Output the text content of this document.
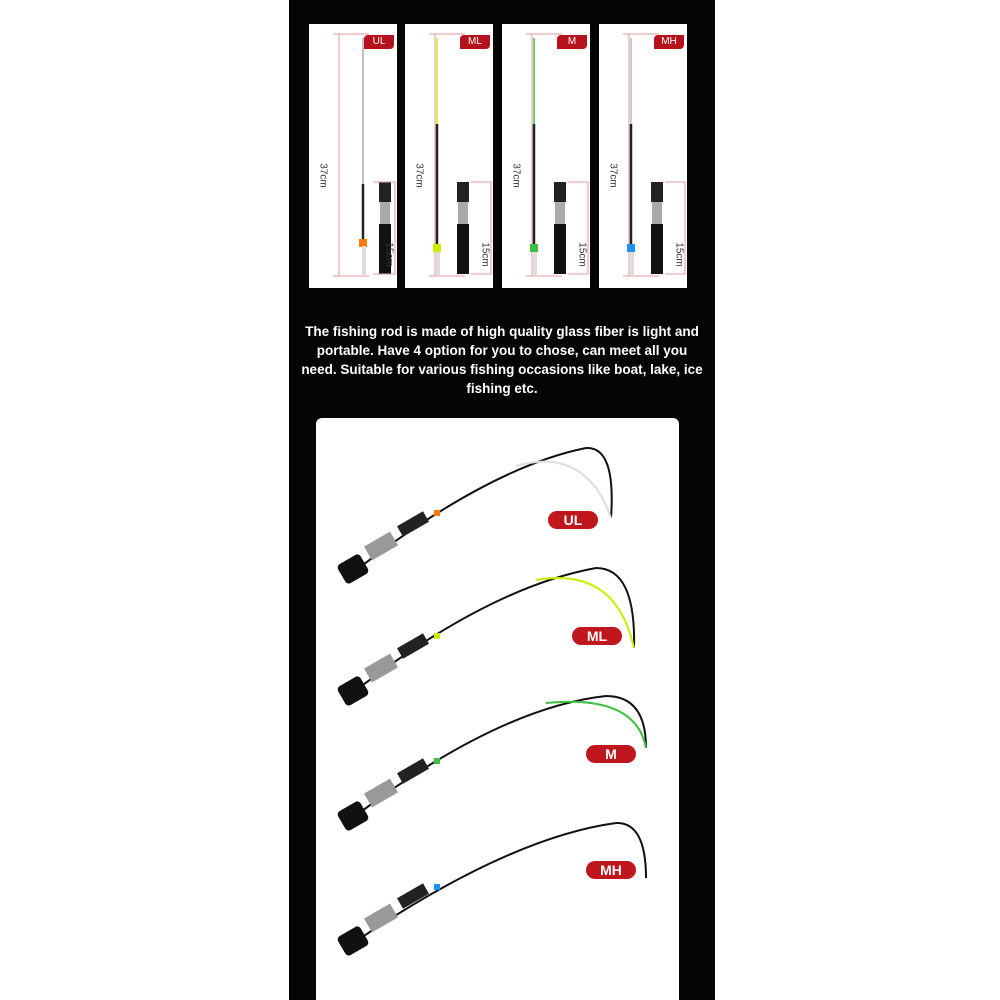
UL
37cm
15cm
ML
37cm
15cm
M
37cm
15cm
MH
37cm
15cm
The fishing rod is made of high quality glass fiber is light and portable. Have 4 option for you to chose, can meet all you need. Suitable for various fishing occasions like boat, lake, ice fishing etc.
UL
ML
M
MH
